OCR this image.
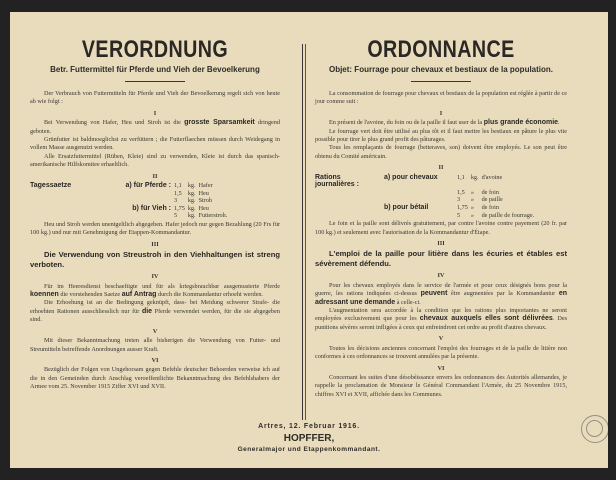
VERORDNUNG
Betr. Futtermittel für Pferde und Vieh der Bevoelkerung

Der Verbrauch von Futtermitteln für Pferde und Vieh der Bevoelkerung regelt sich von heute ab wie folgt :

I

Bei Verwendung von Hafer, Heu und Stroh ist die grosste Sparsamkeit dringend geboten.

Grünfutter ist baldmoeglichst zu verfüttern ; die Futterflaechen müssen durch Weidegang in vollem Masse ausgenutzt werden.

Alle Ersatzfuttermittel (Rüben, Kleie) sind zu verwenden, Kleie ist durch das spanisch-amerikanische Hilfskomitee erhaeltlich.

II
Tagessaetze	a) für Pferde :	1,1	kg.	Hafer
		1,5	kg.	Heu
		3	kg.	Stroh
	b) für Vieh :	1,75	kg.	Heu
		5	kg.	Futterstroh.

Heu und Stroh werden unentgeltlich abgegeben. Hafer jedoch nur gegen Bezahlung (20 Frs für 100 kg.) und nur mit Genehmigung der Etappen-Kommandantur.

III

Die Verwendung von Streustroh in den Viehhaltungen ist streng verboten.

IV

Für im Heeresdienst beschaeftigte und für als kriegsbrauchbar ausgemusterte Pferde koennen die vorstehenden Saetze auf Antrag durch die Kommandantur erhoeht werden.

Die Erhoehung ist an die Bedingung geknüpft, dass- bei Meidung schwerer Strafe- die erhoehten Rationen ausschliesslich nur für die Pferde verwendet werden, für die sie abgegeben sind.

V

Mit dieser Bekanntmachung treten alle bisherigen die Verwendung von Futter- und Streumitteln betreffende Anordnungen ausser Kraft.

VI

Bezüglich der Folgen von Ungehorsam gegen Befehle deutscher Behoerden verweise ich auf die in den Gemeinden durch Anschlag veroeffentlichte Bekanntmachung des Befehlshabers der Armee vom 25. November 1915 Ziffer XVI und XVII.

ORDONNANCE
Objet: Fourrage pour chevaux et bestiaux de la population.

La consommation de fourrage pour chevaux et bestiaux de la population est réglée à partir de ce jour comme suit :

I

En présent de l'avoine, du foin ou de la paille il faut user de la plus grande économie.

Le fourrage vert doit être utilisé au plus tôt et il faut mettre les bestiaux en pâture le plus vite possible pour tirer le plus grand profit des pâturages.

Tous les remplaçants de fourrage (betteraves, son) doivent être employés. Le son peut être obtenu du Comité américain.

II
Rations journalières :	a) pour chevaux	1,1	kg.	d'avoine
		1,5	»	de foin
		3	»	de paille
	b) pour bétail	1,75	»	de foin
		5	»	de paille de fourrage.

Le foin et la paille sont délivrés gratuitement, par contre l'avoine contre payement (20 fr. par 100 kg.) et seulement avec l'autorisation de la Kommandantur d'Étape.

III

L'emploi de la paille pour litière dans les écuries et étables est sévèrement défendu.

IV

Pour les chevaux employés dans le service de l'armée et pour ceux désignés bons pour la guerre, les rations indiquées ci-dessus peuvent être augmentées par la Kommandantur en adressant une demande à celle-ci.

L'augmentation sera accordée à la condition que les rations plus importantes ne seront employées exclusivement que pour les chevaux auxquels elles sont délivrées. Des punitions sévères seront infligées à ceux qui enfreindront cet ordre au profit d'autres chevaux.

V

Toutes les décisions anciennes concernant l'emploi des fourrages et de la paille de litière non conformes à ces ordonnances se trouvent annulées par la présente.

VI

Concernant les suites d'une désobéissance envers les ordonnances des Autorités allemandes, je rappelle la proclamation de Monsieur le Général Commandant l'Armée, du 25 Novembre 1915, chiffres XVI et XVII, affichée dans les Communes.

Artres, 12. Februar 1916.
HOPFFER,
Generalmajor und Etappenkommandant.
